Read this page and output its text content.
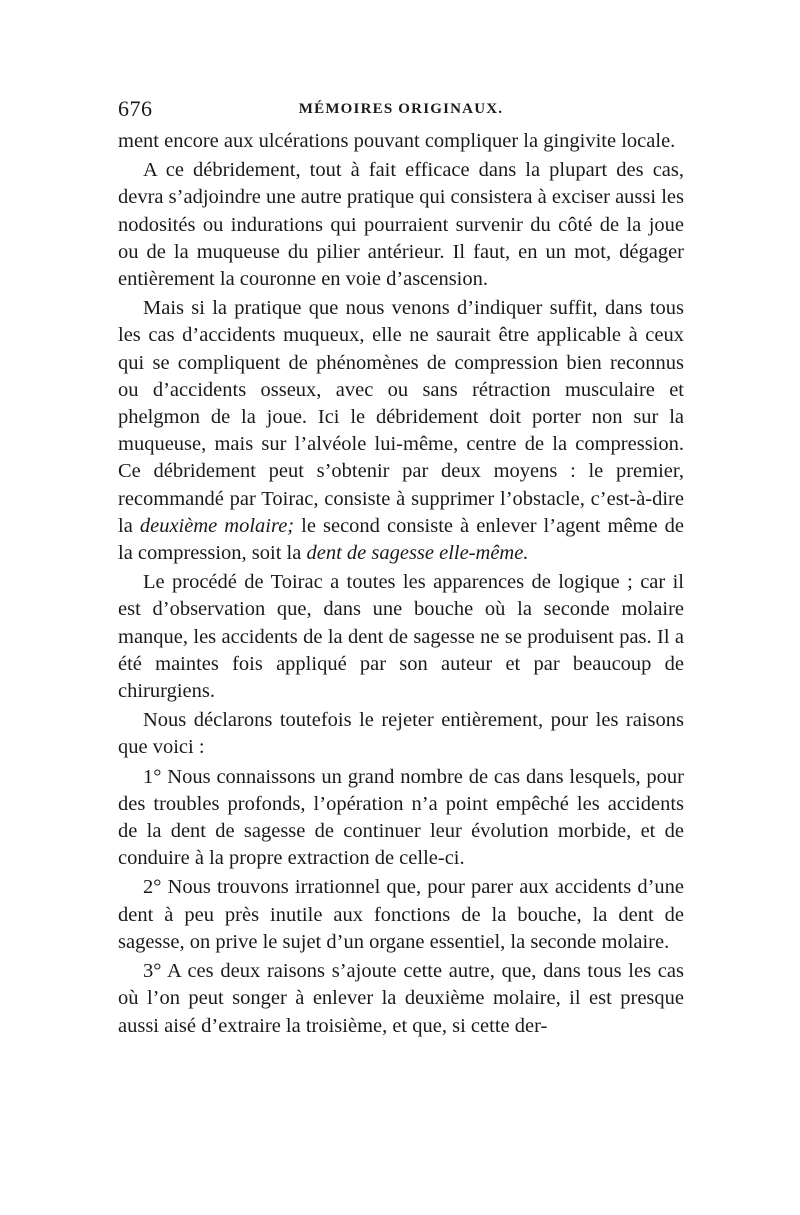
676	MÉMOIRES ORIGINAUX.

ment encore aux ulcérations pouvant compliquer la gingivite locale.

A ce débridement, tout à fait efficace dans la plupart des cas, devra s’adjoindre une autre pratique qui consistera à exciser aussi les nodosités ou indurations qui pourraient survenir du côté de la joue ou de la muqueuse du pilier antérieur. Il faut, en un mot, dégager entièrement la couronne en voie d’ascension.

Mais si la pratique que nous venons d’indiquer suffit, dans tous les cas d’accidents muqueux, elle ne saurait être applicable à ceux qui se compliquent de phénomènes de compression bien reconnus ou d’accidents osseux, avec ou sans rétraction musculaire et phelgmon de la joue. Ici le débridement doit porter non sur la muqueuse, mais sur l’alvéole lui-même, centre de la compression. Ce débridement peut s’obtenir par deux moyens : le premier, recommandé par Toirac, consiste à supprimer l’obstacle, c’est-à-dire la deuxième molaire; le second consiste à enlever l’agent même de la compression, soit la dent de sagesse elle-même.

Le procédé de Toirac a toutes les apparences de logique ; car il est d’observation que, dans une bouche où la seconde molaire manque, les accidents de la dent de sagesse ne se produisent pas. Il a été maintes fois appliqué par son auteur et par beaucoup de chirurgiens.

Nous déclarons toutefois le rejeter entièrement, pour les raisons que voici :

1° Nous connaissons un grand nombre de cas dans lesquels, pour des troubles profonds, l’opération n’a point empêché les accidents de la dent de sagesse de continuer leur évolution morbide, et de conduire à la propre extraction de celle-ci.

2° Nous trouvons irrationnel que, pour parer aux accidents d’une dent à peu près inutile aux fonctions de la bouche, la dent de sagesse, on prive le sujet d’un organe essentiel, la seconde molaire.

3° A ces deux raisons s’ajoute cette autre, que, dans tous les cas où l’on peut songer à enlever la deuxième molaire, il est presque aussi aisé d’extraire la troisième, et que, si cette der-
